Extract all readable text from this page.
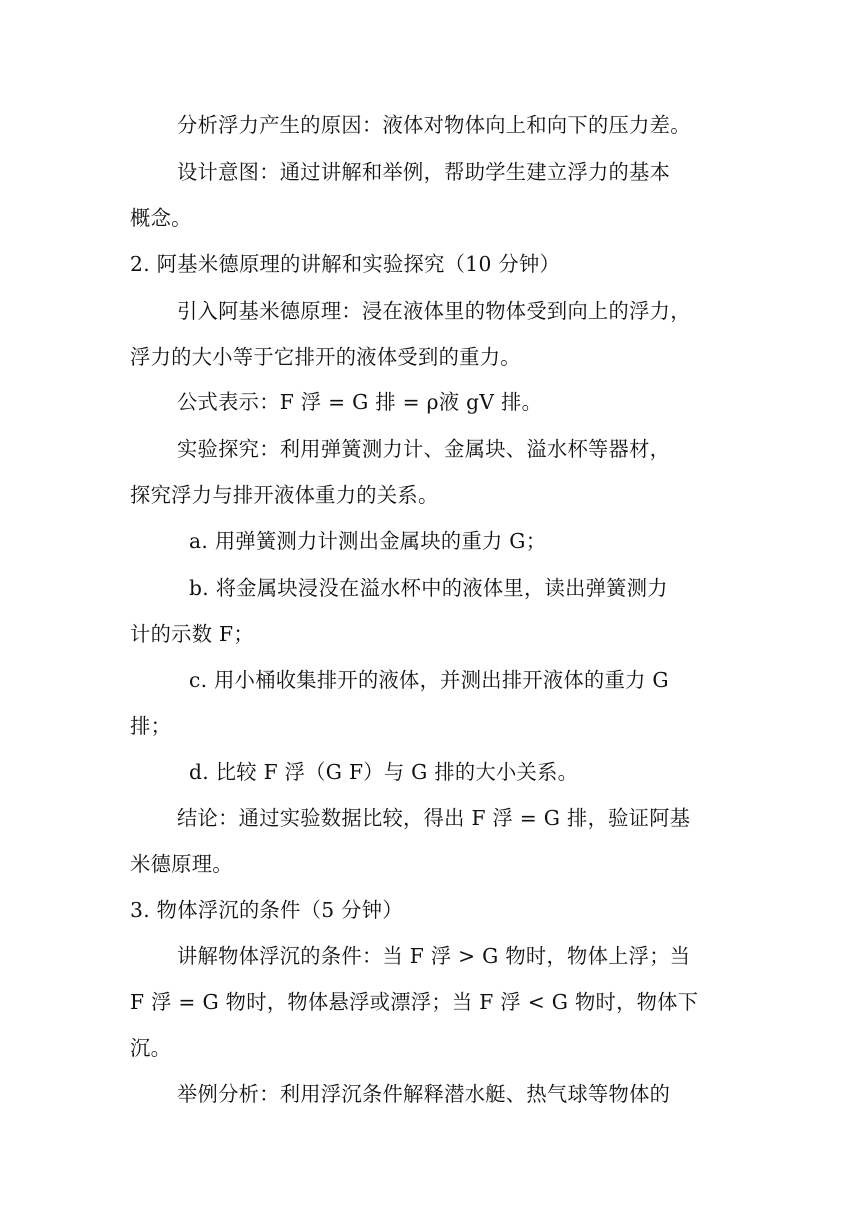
分析浮力产生的原因：液体对物体向上和向下的压力差。
设计意图：通过讲解和举例，帮助学生建立浮力的基本
概念。
2. 阿基米德原理的讲解和实验探究（10 分钟）
引入阿基米德原理：浸在液体里的物体受到向上的浮力，
浮力的大小等于它排开的液体受到的重力。
公式表示：F 浮 = G 排 = ρ液 gV 排。
实验探究：利用弹簧测力计、金属块、溢水杯等器材，
探究浮力与排开液体重力的关系。
a. 用弹簧测力计测出金属块的重力 G；
b. 将金属块浸没在溢水杯中的液体里，读出弹簧测力
计的示数 F；
c. 用小桶收集排开的液体，并测出排开液体的重力 G
排；
d. 比较 F 浮（G F）与 G 排的大小关系。
结论：通过实验数据比较，得出 F 浮 = G 排，验证阿基
米德原理。
3. 物体浮沉的条件（5 分钟）
讲解物体浮沉的条件：当 F 浮 > G 物时，物体上浮；当
F 浮 = G 物时，物体悬浮或漂浮；当 F 浮 < G 物时，物体下
沉。
举例分析：利用浮沉条件解释潜水艇、热气球等物体的
